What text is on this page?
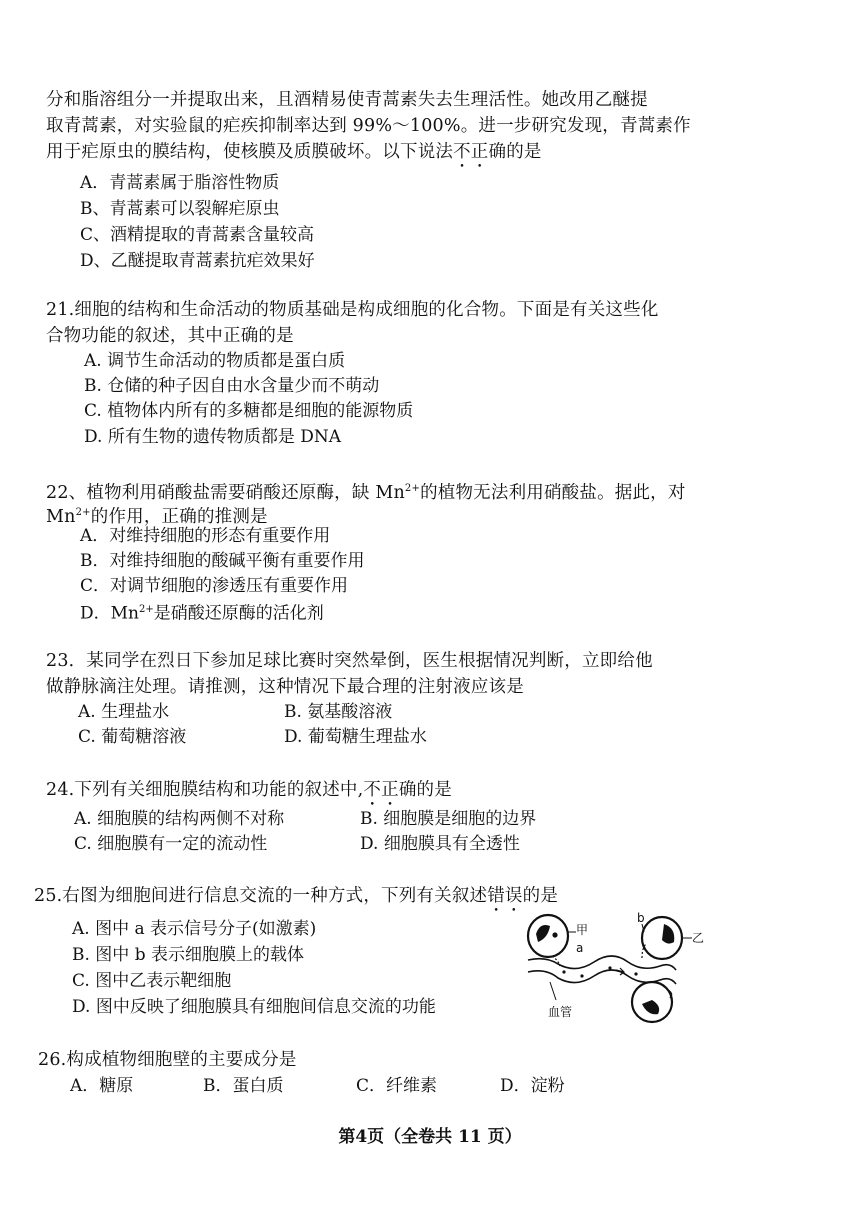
分和脂溶组分一并提取出来，且酒精易使青蒿素失去生理活性。她改用乙醚提
取青蒿素，对实验鼠的疟疾抑制率达到 99%～100%。进一步研究发现，青蒿素作
用于疟原虫的膜结构，使核膜及质膜破坏。以下说法不正确的是
A．青蒿素属于脂溶性物质
B、青蒿素可以裂解疟原虫
C、酒精提取的青蒿素含量较高
D、乙醚提取青蒿素抗疟效果好
21.细胞的结构和生命活动的物质基础是构成细胞的化合物。下面是有关这些化
合物功能的叙述，其中正确的是
A. 调节生命活动的物质都是蛋白质
B. 仓储的种子因自由水含量少而不萌动
C. 植物体内所有的多糖都是细胞的能源物质
D. 所有生物的遗传物质都是 DNA
22、植物利用硝酸盐需要硝酸还原酶，缺 $Mn^{2+}$的植物无法利用硝酸盐。据此，对
$Mn^{2+}$的作用，正确的推测是
A．对维持细胞的形态有重要作用
B．对维持细胞的酸碱平衡有重要作用
C．对调节细胞的渗透压有重要作用
D．$Mn^{2+}$是硝酸还原酶的活化剂
23．某同学在烈日下参加足球比赛时突然晕倒，医生根据情况判断，立即给他
做静脉滴注处理。请推测，这种情况下最合理的注射液应该是
A. 生理盐水	B. 氨基酸溶液
C. 葡萄糖溶液	D. 葡萄糖生理盐水
24.下列有关细胞膜结构和功能的叙述中,不正确的是
A. 细胞膜的结构两侧不对称	B. 细胞膜是细胞的边界
C. 细胞膜有一定的流动性	D. 细胞膜具有全透性
25.右图为细胞间进行信息交流的一种方式，下列有关叙述错误的是
A. 图中 a 表示信号分子(如激素)
B. 图中 b 表示细胞膜上的载体
C. 图中乙表示靶细胞
D. 图中反映了细胞膜具有细胞间信息交流的功能
甲
a
乙
b
血管
26.构成植物细胞壁的主要成分是
A．糖原	B．蛋白质	C．纤维素	D．淀粉
第4页（全卷共 11 页）
